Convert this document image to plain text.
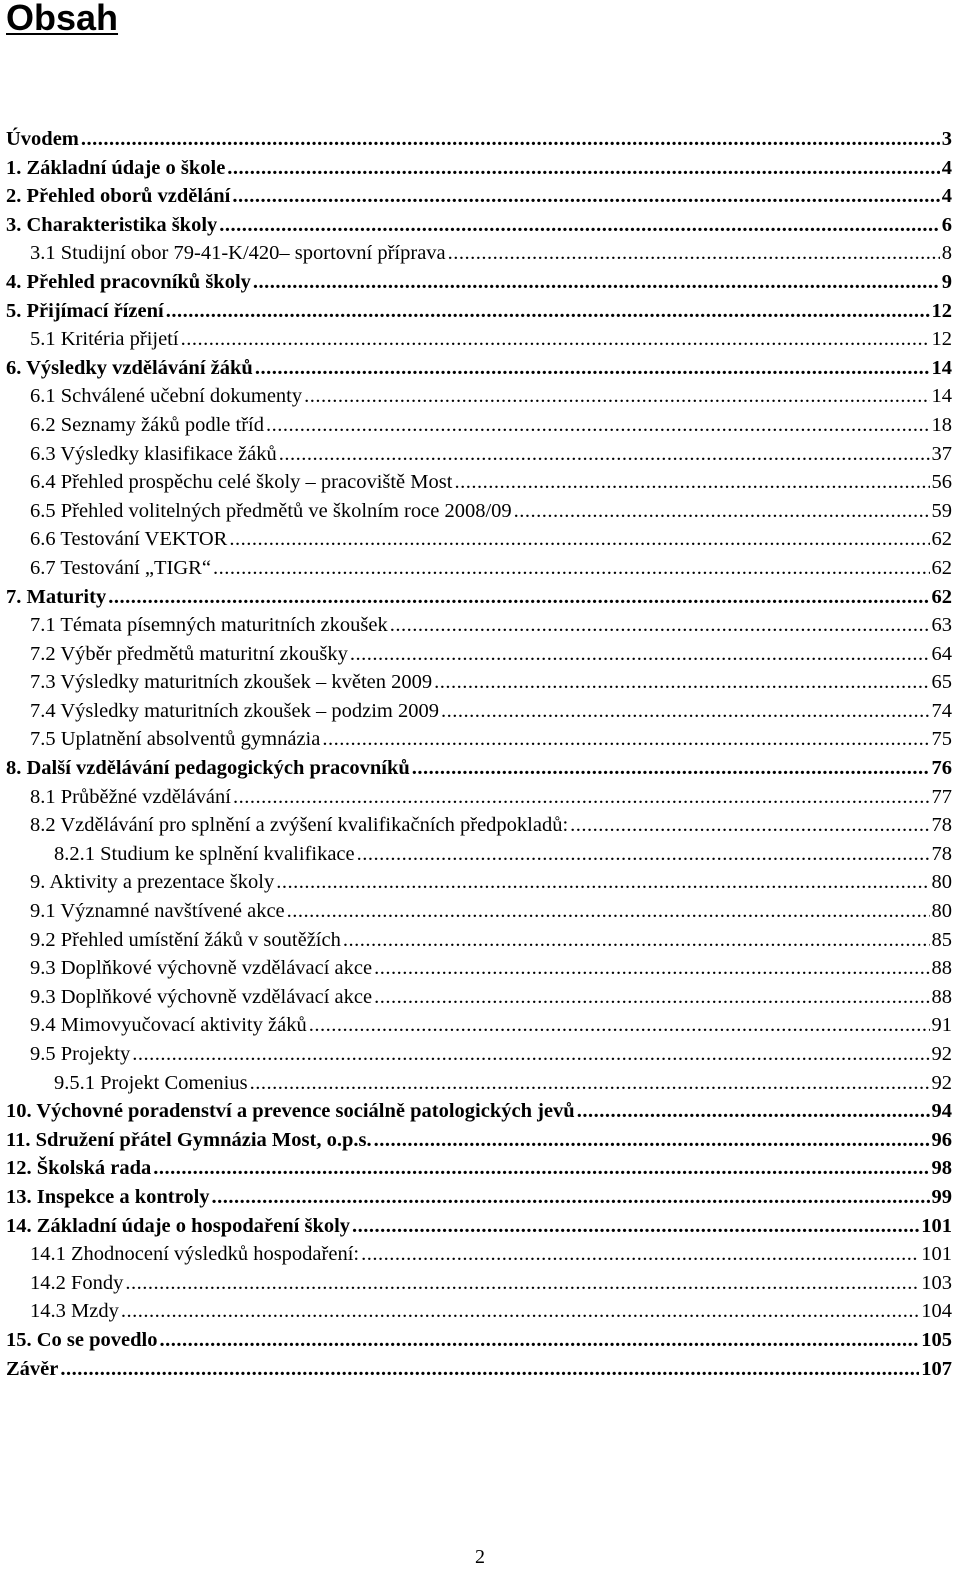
Obsah
Úvodem .....	3
1. Základní údaje o škole .....	4
2. Přehled oborů vzdělání .....	4
3. Charakteristika školy .....	6
3.1 Studijní obor 79-41-K/420– sportovní příprava .....	8
4. Přehled pracovníků školy .....	9
5. Přijímací řízení .....	12
5.1 Kritéria přijetí .....	12
6. Výsledky vzdělávání žáků .....	14
6.1 Schválené učební dokumenty .....	14
6.2 Seznamy žáků podle tříd .....	18
6.3 Výsledky klasifikace žáků .....	37
6.4 Přehled prospěchu celé školy – pracoviště Most .....	56
6.5 Přehled volitelných předmětů ve školním roce 2008/09 .....	59
6.6 Testování VEKTOR .....	62
6.7 Testování „TIGR“ .....	62
7. Maturity .....	62
7.1 Témata písemných maturitních zkoušek .....	63
7.2 Výběr předmětů maturitní zkoušky .....	64
7.3 Výsledky maturitních zkoušek – květen 2009 .....	65
7.4 Výsledky maturitních zkoušek – podzim 2009 .....	74
7.5 Uplatnění absolventů gymnázia .....	75
8. Další vzdělávání pedagogických pracovníků .....	76
8.1 Průběžné vzdělávání .....	77
8.2 Vzdělávání pro splnění a zvýšení kvalifikačních předpokladů: .....	78
8.2.1 Studium ke splnění kvalifikace .....	78
9. Aktivity a prezentace školy .....	80
9.1 Významné navštívené akce .....	80
9.2 Přehled umístění žáků v soutěžích .....	85
9.3 Doplňkové výchovně vzdělávací akce .....	88
9.3 Doplňkové výchovně vzdělávací akce .....	88
9.4 Mimovyučovací aktivity žáků .....	91
9.5 Projekty .....	92
9.5.1 Projekt Comenius .....	92
10. Výchovné poradenství a prevence sociálně patologických jevů .....	94
11. Sdružení přátel Gymnázia Most, o.p.s. .....	96
12. Školská rada .....	98
13. Inspekce a kontroly .....	99
14. Základní údaje o hospodaření školy .....	101
14.1 Zhodnocení výsledků hospodaření: .....	101
14.2 Fondy .....	103
14.3 Mzdy .....	104
15. Co se povedlo .....	105
Závěr .....	107
2
